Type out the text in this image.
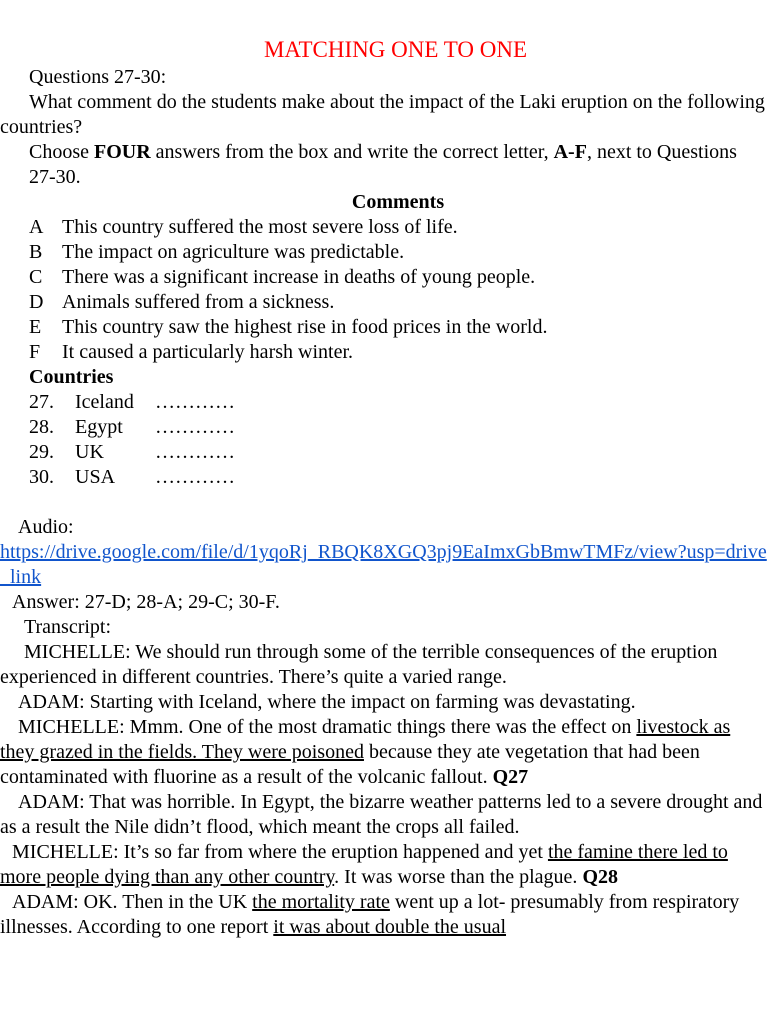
MATCHING ONE TO ONE

Questions 27-30:

What comment do the students make about the impact of the Laki eruption on the following countries?

Choose FOUR answers from the box and write the correct letter, A-F, next to Questions 27-30.

Comments
A This country suffered the most severe loss of life.
B The impact on agriculture was predictable.
C There was a significant increase in deaths of young people.
D Animals suffered from a sickness.
E This country saw the highest rise in food prices in the world.
F It caused a particularly harsh winter.
Countries
27. Iceland …………
28. Egypt …………
29. UK	…………
30. USA …………

Audio:

https://drive.google.com/file/d/1yqoRj_RBQK8XGQ3pj9EaImxGbBmwTMFz/view?usp=drive_link

Answer: 27-D; 28-A; 29-C; 30-F.

Transcript:

MICHELLE: We should run through some of the terrible consequences of the eruption experienced in different countries. There’s quite a varied range.

ADAM: Starting with Iceland, where the impact on farming was devastating.

MICHELLE: Mmm. One of the most dramatic things there was the effect on livestock as they grazed in the fields. They were poisoned because they ate vegetation that had been contaminated with fluorine as a result of the volcanic fallout. Q27

ADAM: That was horrible. In Egypt, the bizarre weather patterns led to a severe drought and as a result the Nile didn’t flood, which meant the crops all failed.

MICHELLE: It’s so far from where the eruption happened and yet the famine there led to more people dying than any other country. It was worse than the plague. Q28

ADAM: OK. Then in the UK the mortality rate went up a lot- presumably from respiratory illnesses. According to one report it was about double the usual
